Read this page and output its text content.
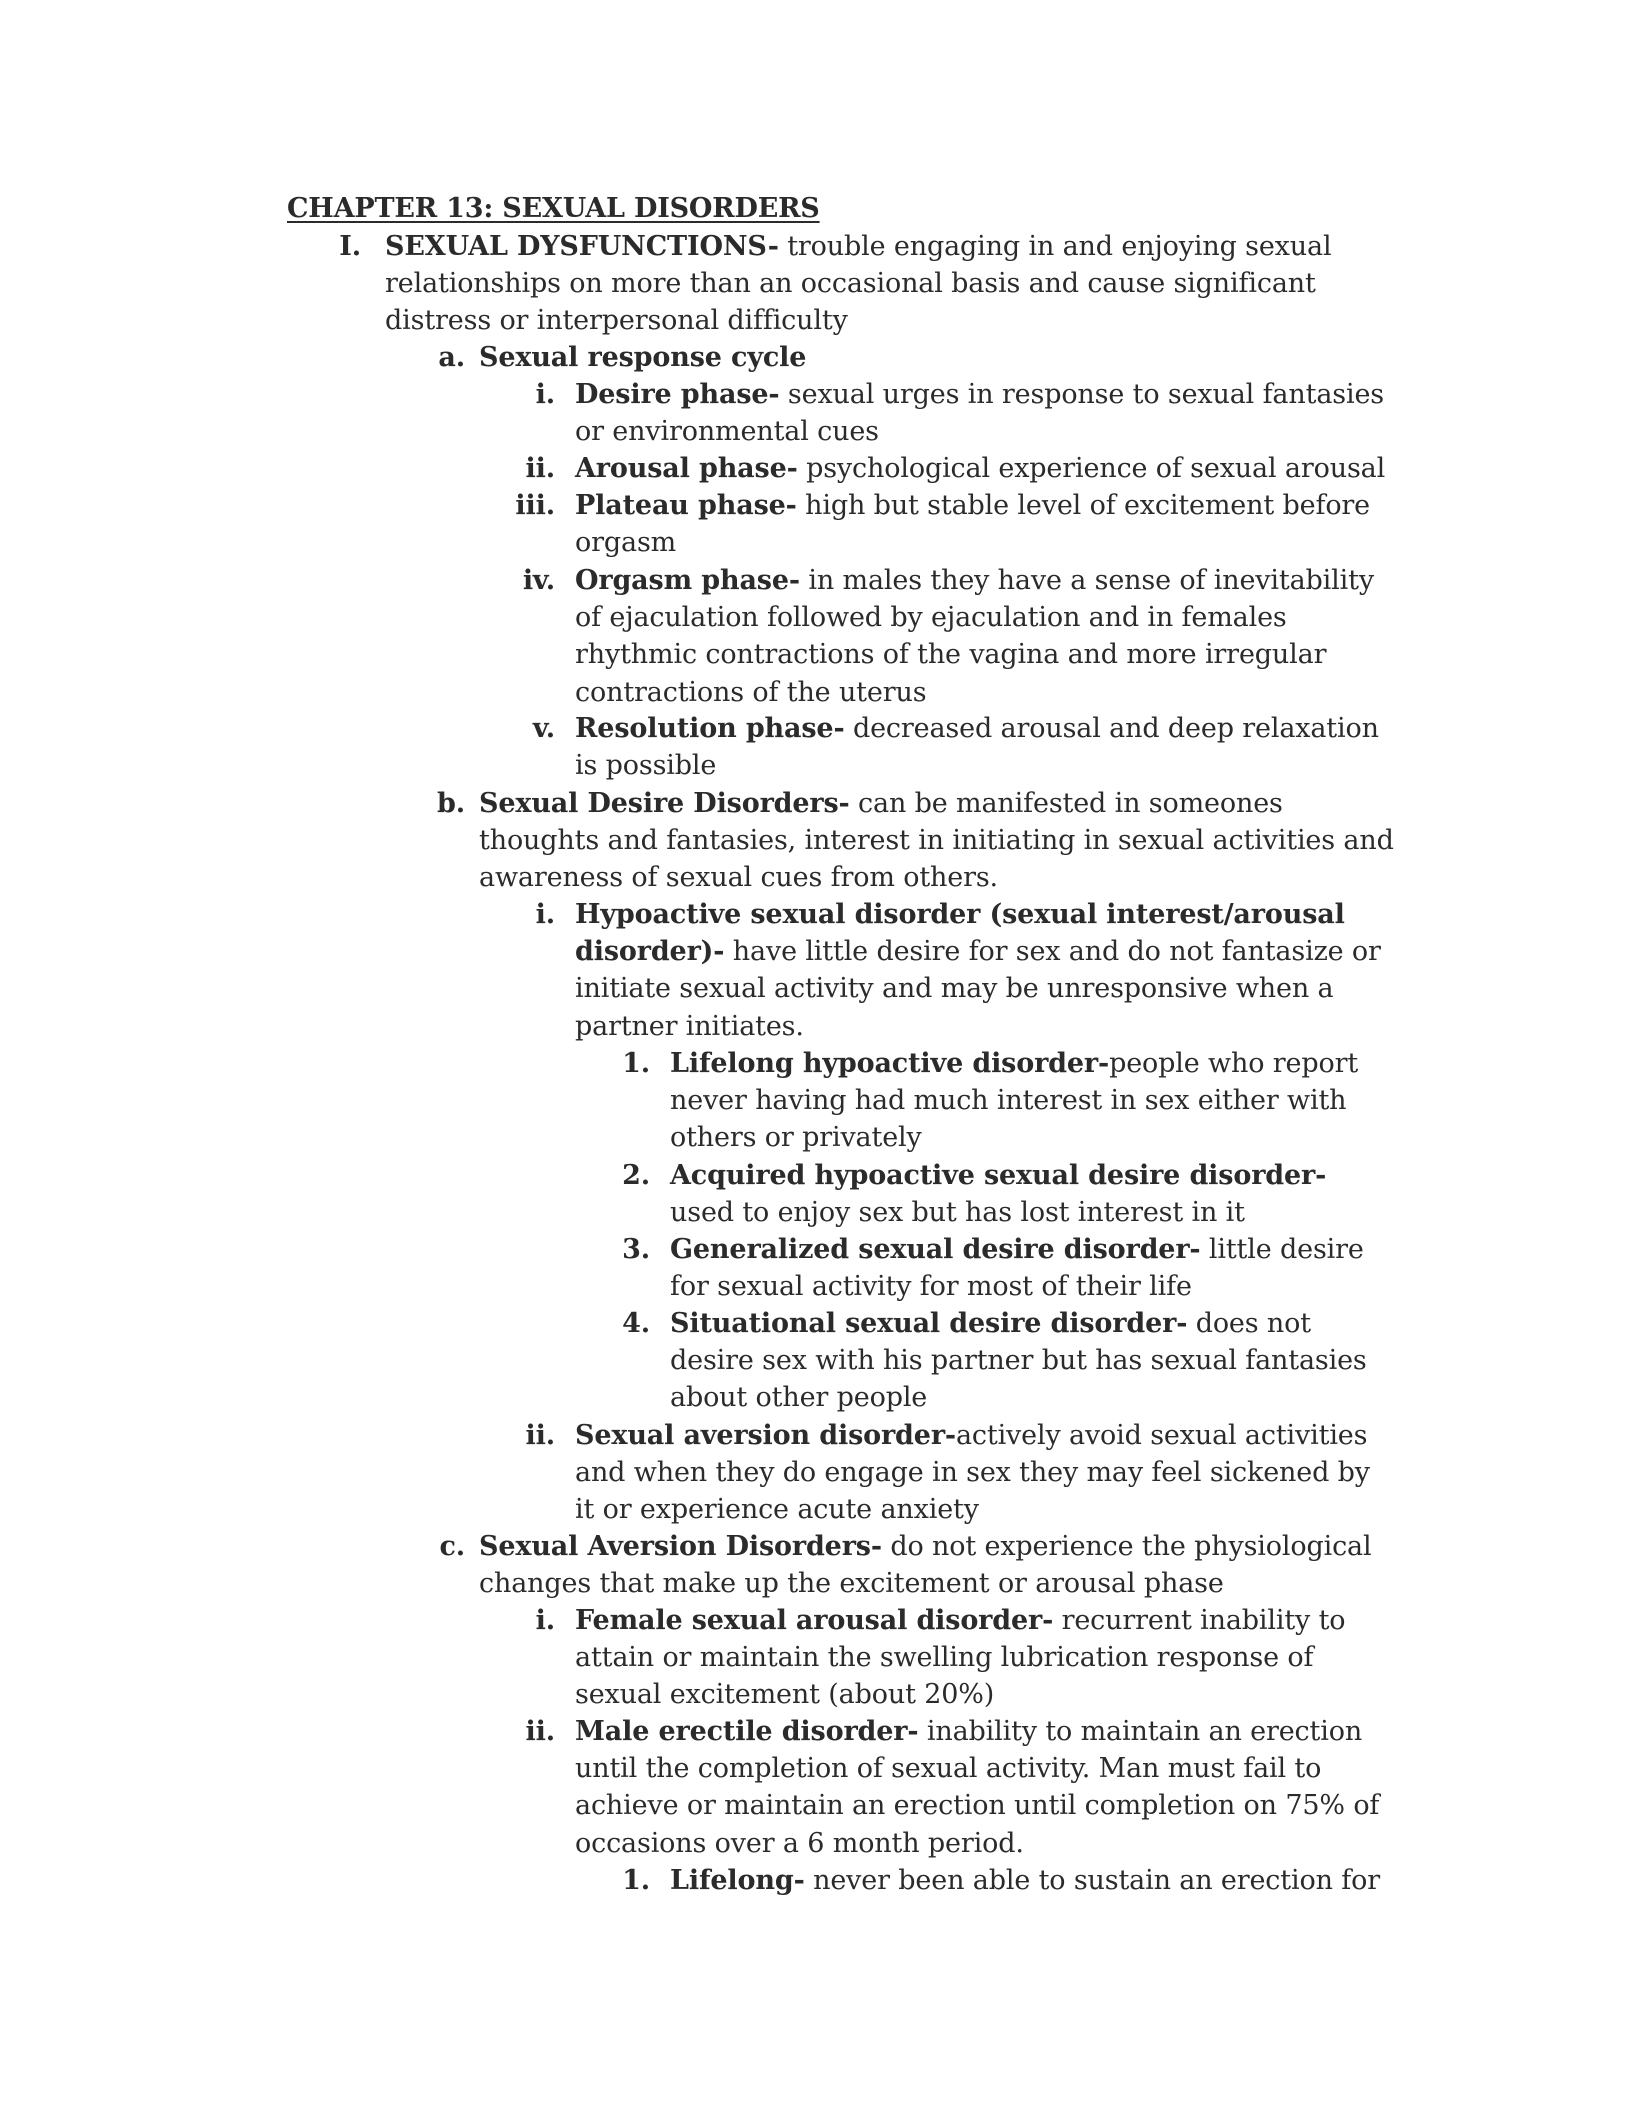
CHAPTER 13: SEXUAL DISORDERS
I. SEXUAL DYSFUNCTIONS- trouble engaging in and enjoying sexual relationships on more than an occasional basis and cause significant distress or interpersonal difficulty
a. Sexual response cycle
i. Desire phase- sexual urges in response to sexual fantasies or environmental cues
ii. Arousal phase- psychological experience of sexual arousal
iii. Plateau phase- high but stable level of excitement before orgasm
iv. Orgasm phase- in males they have a sense of inevitability of ejaculation followed by ejaculation and in females rhythmic contractions of the vagina and more irregular contractions of the uterus
v. Resolution phase- decreased arousal and deep relaxation is possible
b. Sexual Desire Disorders- can be manifested in someones thoughts and fantasies, interest in initiating in sexual activities and awareness of sexual cues from others.
i. Hypoactive sexual disorder (sexual interest/arousal disorder)- have little desire for sex and do not fantasize or initiate sexual activity and may be unresponsive when a partner initiates.
1. Lifelong hypoactive disorder-people who report never having had much interest in sex either with others or privately
2. Acquired hypoactive sexual desire disorder- used to enjoy sex but has lost interest in it
3. Generalized sexual desire disorder- little desire for sexual activity for most of their life
4. Situational sexual desire disorder- does not desire sex with his partner but has sexual fantasies about other people
ii. Sexual aversion disorder-actively avoid sexual activities and when they do engage in sex they may feel sickened by it or experience acute anxiety
c. Sexual Aversion Disorders- do not experience the physiological changes that make up the excitement or arousal phase
i. Female sexual arousal disorder- recurrent inability to attain or maintain the swelling lubrication response of sexual excitement (about 20%)
ii. Male erectile disorder- inability to maintain an erection until the completion of sexual activity. Man must fail to achieve or maintain an erection until completion on 75% of occasions over a 6 month period.
1. Lifelong- never been able to sustain an erection for
